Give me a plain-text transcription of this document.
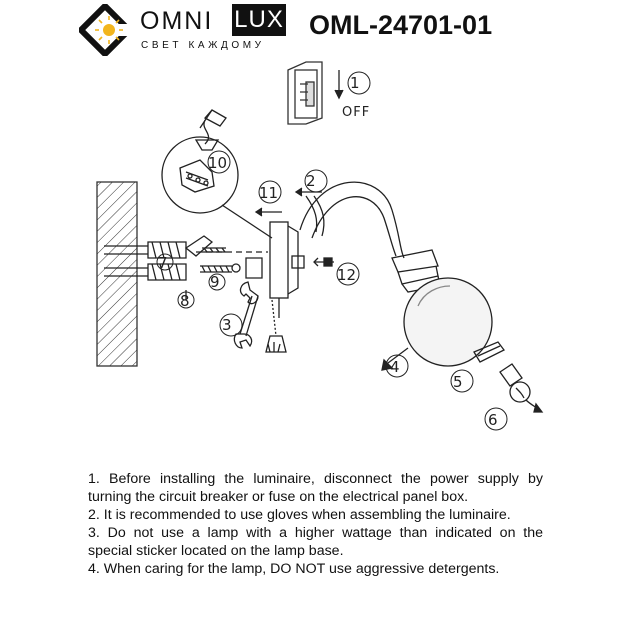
OMNI LUX
СВЕТ КАЖДОМУ
OML-24701-01
1
OFF
2
3
4
5
6
7
8
9
10
11
12
1. Before installing the luminaire, disconnect the power supply by
turning the circuit breaker or fuse on the electrical panel box.
2. It is recommended to use gloves when assembling the luminaire.
3. Do not use a lamp with a higher wattage than indicated on the
special sticker located on the lamp base.
4. When caring for the lamp, DO NOT use aggressive detergents.
